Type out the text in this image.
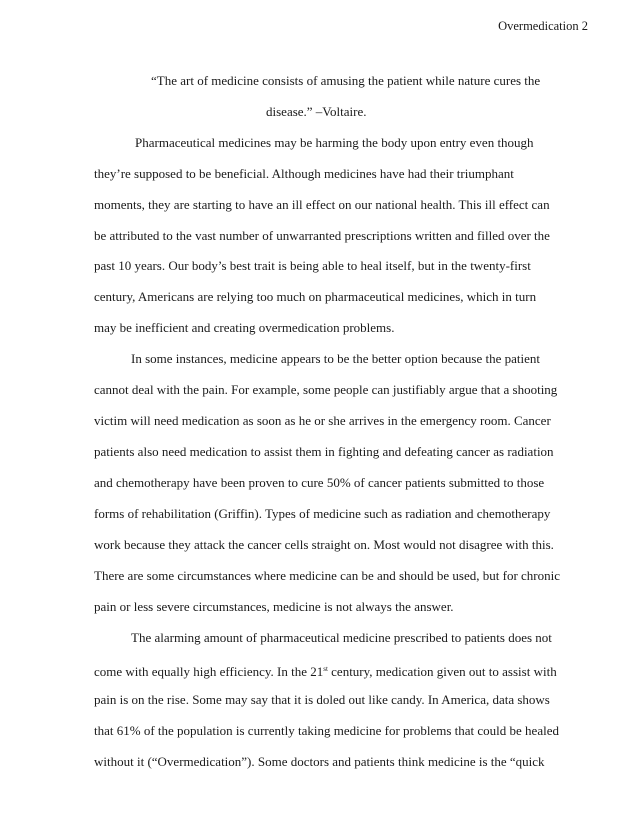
Overmedication 2
“The art of medicine consists of amusing the patient while nature cures the
disease.” –Voltaire.
Pharmaceutical medicines may be harming the body upon entry even though
they’re supposed to be beneficial. Although medicines have had their triumphant
moments, they are starting to have an ill effect on our national health. This ill effect can
be attributed to the vast number of unwarranted prescriptions written and filled over the
past 10 years. Our body’s best trait is being able to heal itself, but in the twenty-first
century, Americans are relying too much on pharmaceutical medicines, which in turn
may be inefficient and creating overmedication problems.
In some instances, medicine appears to be the better option because the patient
cannot deal with the pain. For example, some people can justifiably argue that a shooting
victim will need medication as soon as he or she arrives in the emergency room. Cancer
patients also need medication to assist them in fighting and defeating cancer as radiation
and chemotherapy have been proven to cure 50% of cancer patients submitted to those
forms of rehabilitation (Griffin). Types of medicine such as radiation and chemotherapy
work because they attack the cancer cells straight on. Most would not disagree with this.
There are some circumstances where medicine can be and should be used, but for chronic
pain or less severe circumstances, medicine is not always the answer.
The alarming amount of pharmaceutical medicine prescribed to patients does not
come with equally high efficiency. In the 21st century, medication given out to assist with
pain is on the rise. Some may say that it is doled out like candy. In America, data shows
that 61% of the population is currently taking medicine for problems that could be healed
without it (“Overmedication”). Some doctors and patients think medicine is the “quick
